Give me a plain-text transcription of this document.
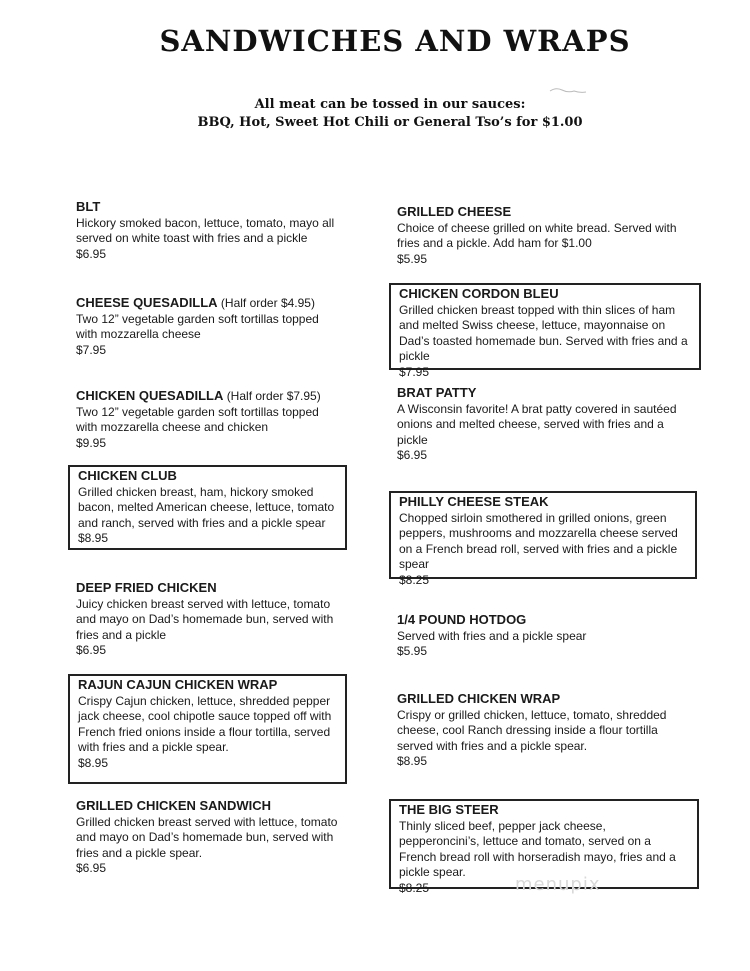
SANDWICHES AND WRAPS
All meat can be tossed in our sauces:
BBQ, Hot, Sweet Hot Chili or General Tso’s for $1.00
BLT
Hickory smoked bacon, lettuce, tomato, mayo all served on white toast with fries and a pickle
$6.95
CHEESE QUESADILLA (Half order $4.95)
Two 12” vegetable garden soft tortillas topped with mozzarella cheese
$7.95
CHICKEN QUESADILLA (Half order $7.95)
Two 12” vegetable garden soft tortillas topped with mozzarella cheese and chicken
$9.95
CHICKEN CLUB
Grilled chicken breast, ham, hickory smoked bacon, melted American cheese, lettuce, tomato and ranch, served with fries and a pickle spear
$8.95
DEEP FRIED CHICKEN
Juicy chicken breast served with lettuce, tomato and mayo on Dad’s homemade bun, served with fries and a pickle
$6.95
RAJUN CAJUN CHICKEN WRAP
Crispy Cajun chicken, lettuce, shredded pepper jack cheese, cool chipotle sauce topped off with French fried onions inside a flour tortilla, served with fries and a pickle spear.
$8.95
GRILLED CHICKEN SANDWICH
Grilled chicken breast served with lettuce, tomato and mayo on Dad’s homemade bun, served with fries and a pickle spear.
$6.95
GRILLED CHEESE
Choice of cheese grilled on white bread. Served with fries and a pickle. Add ham for $1.00
$5.95
CHICKEN CORDON BLEU
Grilled chicken breast topped with thin slices of ham and melted Swiss cheese, lettuce, mayonnaise on Dad’s toasted homemade bun. Served with fries and a pickle
$7.95
BRAT PATTY
A Wisconsin favorite! A brat patty covered in sautéed onions and melted cheese, served with fries and a pickle
$6.95
PHILLY CHEESE STEAK
Chopped sirloin smothered in grilled onions, green peppers, mushrooms and mozzarella cheese served on a French bread roll, served with fries and a pickle spear
$8.25
1/4 POUND HOTDOG
Served with fries and a pickle spear
$5.95
GRILLED CHICKEN WRAP
Crispy or grilled chicken, lettuce, tomato, shredded cheese, cool Ranch dressing inside a flour tortilla served with fries and a pickle spear.
$8.95
THE BIG STEER
Thinly sliced beef, pepper jack cheese, pepperoncini’s, lettuce and tomato, served on a French bread roll with horseradish mayo, fries and a pickle spear.
$8.25	menupix
